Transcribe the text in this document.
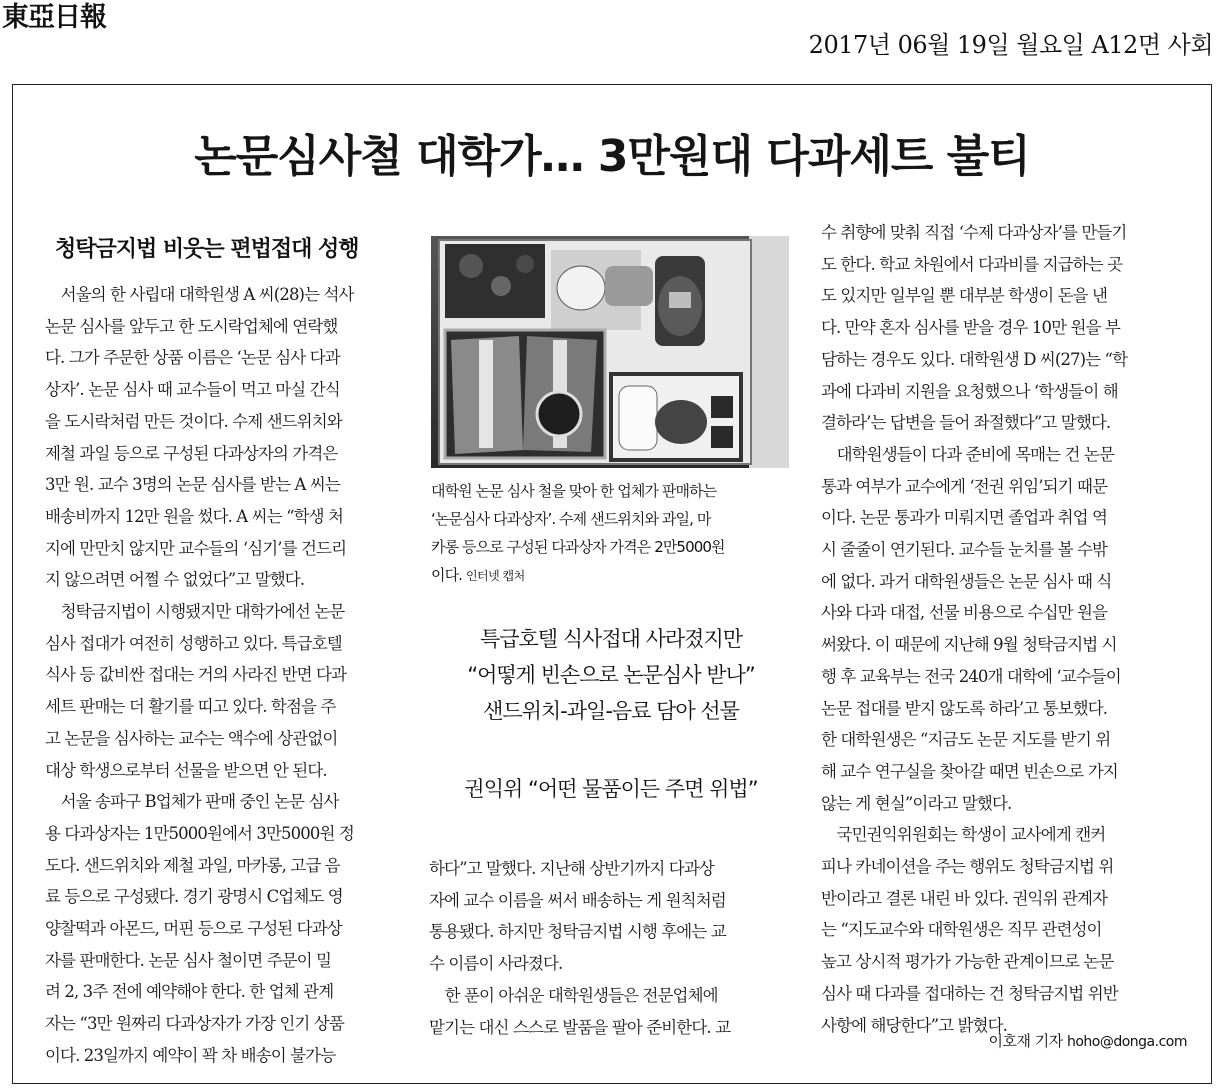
東亞日報
2017년 06월 19일 월요일 A12면 사회
논문심사철 대학가… 3만원대 다과세트 불티
청탁금지법 비웃는 편법접대 성행

　서울의 한 사립대 대학원생 A 씨(28)는 석사

논문 심사를 앞두고 한 도시락업체에 연락했

다. 그가 주문한 상품 이름은 ‘논문 심사 다과

상자’. 논문 심사 때 교수들이 먹고 마실 간식

을 도시락처럼 만든 것이다. 수제 샌드위치와

제철 과일 등으로 구성된 다과상자의 가격은

3만 원. 교수 3명의 논문 심사를 받는 A 씨는

배송비까지 12만 원을 썼다. A 씨는 “학생 처

지에 만만치 않지만 교수들의 ‘심기’를 건드리

지 않으려면 어쩔 수 없었다”고 말했다.

　청탁금지법이 시행됐지만 대학가에선 논문

심사 접대가 여전히 성행하고 있다. 특급호텔

식사 등 값비싼 접대는 거의 사라진 반면 다과

세트 판매는 더 활기를 띠고 있다. 학점을 주

고 논문을 심사하는 교수는 액수에 상관없이

대상 학생으로부터 선물을 받으면 안 된다.

　서울 송파구 B업체가 판매 중인 논문 심사

용 다과상자는 1만5000원에서 3만5000원 정

도다. 샌드위치와 제철 과일, 마카롱, 고급 음

료 등으로 구성됐다. 경기 광명시 C업체도 영

양찰떡과 아몬드, 머핀 등으로 구성된 다과상

자를 판매한다. 논문 심사 철이면 주문이 밀

려 2, 3주 전에 예약해야 한다. 한 업체 관계

자는 “3만 원짜리 다과상자가 가장 인기 상품

이다. 23일까지 예약이 꽉 차 배송이 불가능

대학원 논문 심사 철을 맞아 한 업체가 판매하는

‘논문심사 다과상자’. 수제 샌드위치와 과일, 마

카롱 등으로 구성된 다과상자 가격은 2만5000원

이다. 인터넷 캡처

특급호텔 식사접대 사라졌지만

“어떻게 빈손으로 논문심사 받나”

샌드위치-과일-음료 담아 선물

권익위 “어떤 물품이든 주면 위법”

하다”고 말했다. 지난해 상반기까지 다과상

자에 교수 이름을 써서 배송하는 게 원칙처럼

통용됐다. 하지만 청탁금지법 시행 후에는 교

수 이름이 사라졌다.

　한 푼이 아쉬운 대학원생들은 전문업체에

맡기는 대신 스스로 발품을 팔아 준비한다. 교

수 취향에 맞춰 직접 ‘수제 다과상자’를 만들기

도 한다. 학교 차원에서 다과비를 지급하는 곳

도 있지만 일부일 뿐 대부분 학생이 돈을 낸

다. 만약 혼자 심사를 받을 경우 10만 원을 부

담하는 경우도 있다. 대학원생 D 씨(27)는 “학

과에 다과비 지원을 요청했으나 ‘학생들이 해

결하라’는 답변을 들어 좌절했다”고 말했다.

　대학원생들이 다과 준비에 목매는 건 논문

통과 여부가 교수에게 ‘전권 위임’되기 때문

이다. 논문 통과가 미뤄지면 졸업과 취업 역

시 줄줄이 연기된다. 교수들 눈치를 볼 수밖

에 없다. 과거 대학원생들은 논문 심사 때 식

사와 다과 대접, 선물 비용으로 수십만 원을

써왔다. 이 때문에 지난해 9월 청탁금지법 시

행 후 교육부는 전국 240개 대학에 ‘교수들이

논문 접대를 받지 않도록 하라’고 통보했다.

한 대학원생은 “지금도 논문 지도를 받기 위

해 교수 연구실을 찾아갈 때면 빈손으로 가지

않는 게 현실”이라고 말했다.

　국민권익위원회는 학생이 교사에게 캔커

피나 카네이션을 주는 행위도 청탁금지법 위

반이라고 결론 내린 바 있다. 권익위 관계자

는 “지도교수와 대학원생은 직무 관련성이

높고 상시적 평가가 가능한 관계이므로 논문

심사 때 다과를 접대하는 건 청탁금지법 위반

사항에 해당한다”고 밝혔다.

이호재 기자 hoho@donga.com
